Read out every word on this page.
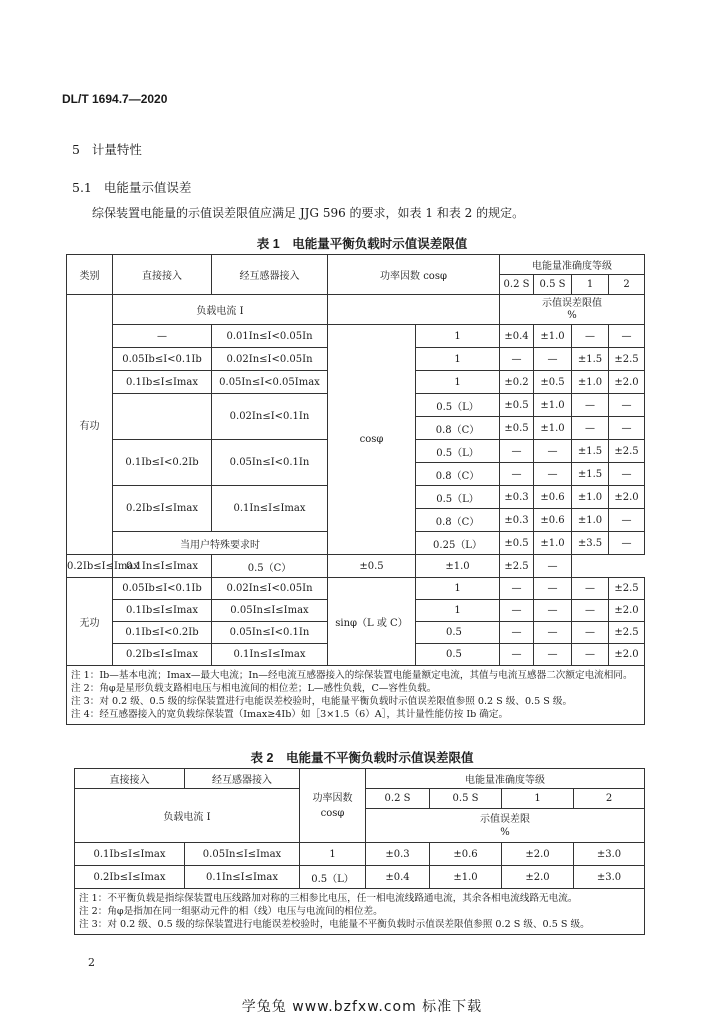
DL/T 1694.7—2020
5 计量特性
5.1 电能量示值误差
综保装置电能量的示值误差限值应满足 JJG 596 的要求，如表 1 和表 2 的规定。
表 1　电能量平衡负载时示值误差限值
类别	直接接入	经互感器接入	功率因数 cosφ		电能量准确度等级			
					0.2 S	0.5 S	1	2
有功	负载电流 I				示值误差限值
%			
	—	0.01In≤I<0.05In	cosφ	1	±0.4	±1.0	—	—
	0.05Ib≤I<0.1Ib	0.02In≤I<0.05In		1	—	—	±1.5	±2.5
	0.1Ib≤I≤Imax	0.05In≤I<0.05Imax		1	±0.2	±0.5	±1.0	±2.0
		0.02In≤I<0.1In		0.5（L）	±0.5	±1.0	—	—
				0.8（C）	±0.5	±1.0	—	—
	0.1Ib≤I<0.2Ib	0.05In≤I<0.1In		0.5（L）	—	—	±1.5	±2.5
				0.8（C）	—	—	±1.5	—
	0.2Ib≤I≤Imax	0.1In≤I≤Imax		0.5（L）	±0.3	±0.6	±1.0	±2.0
				0.8（C）	±0.3	±0.6	±1.0	—
	当用户特殊要求时			0.25（L）	±0.5	±1.0	±3.5	—
0.2Ib≤I≤Imax	0.1In≤I≤Imax	0.5（C）	±0.5	±1.0	±2.5	—		
无功	0.05Ib≤I<0.1Ib	0.02In≤I<0.05In	sinφ（L 或 C）	1	—	—	—	±2.5
	0.1Ib≤I≤Imax	0.05In≤I≤Imax		1	—	—	—	±2.0
	0.1Ib≤I<0.2Ib	0.05In≤I<0.1In		0.5	—	—	—	±2.5
	0.2Ib≤I≤Imax	0.1In≤I≤Imax		0.5	—	—	—	±2.0

注 1：Ib—基本电流；Imax—最大电流；In—经电流互感器接入的综保装置电能量额定电流，其值与电流互感器二次额定电流相同。
注 2：角φ是星形负载支路相电压与相电流间的相位差；L—感性负载，C—容性负载。
注 3：对 0.2 级、0.5 级的综保装置进行电能误差校验时，电能量平衡负载时示值误差限值参照 0.2 S 级、0.5 S 级。
注 4：经互感器接入的宽负载综保装置（Imax≥4Ib）如［3×1.5（6）A］，其计量性能仿按 Ib 确定。								
表 2　电能量不平衡负载时示值误差限值
直接接入	经互感器接入	功率因数 cosφ	电能量准确度等级			
负载电流 I			0.2 S	0.5 S	1	2
			示值误差限
%			
0.1Ib≤I≤Imax	0.05In≤I≤Imax	1	±0.3	±0.6	±2.0	±3.0
0.2Ib≤I≤Imax	0.1In≤I≤Imax	0.5（L）	±0.4	±1.0	±2.0	±3.0

注 1：不平衡负载是指综保装置电压线路加对称的三相参比电压，任一相电流线路通电流，其余各相电流线路无电流。
注 2：角φ是指加在同一组驱动元件的相（线）电压与电流间的相位差。
注 3：对 0.2 级、0.5 级的综保装置进行电能误差校验时，电能量不平衡负载时示值误差限值参照 0.2 S 级、0.5 S 级。						
2
学兔兔 www.bzfxw.com 标准下载
